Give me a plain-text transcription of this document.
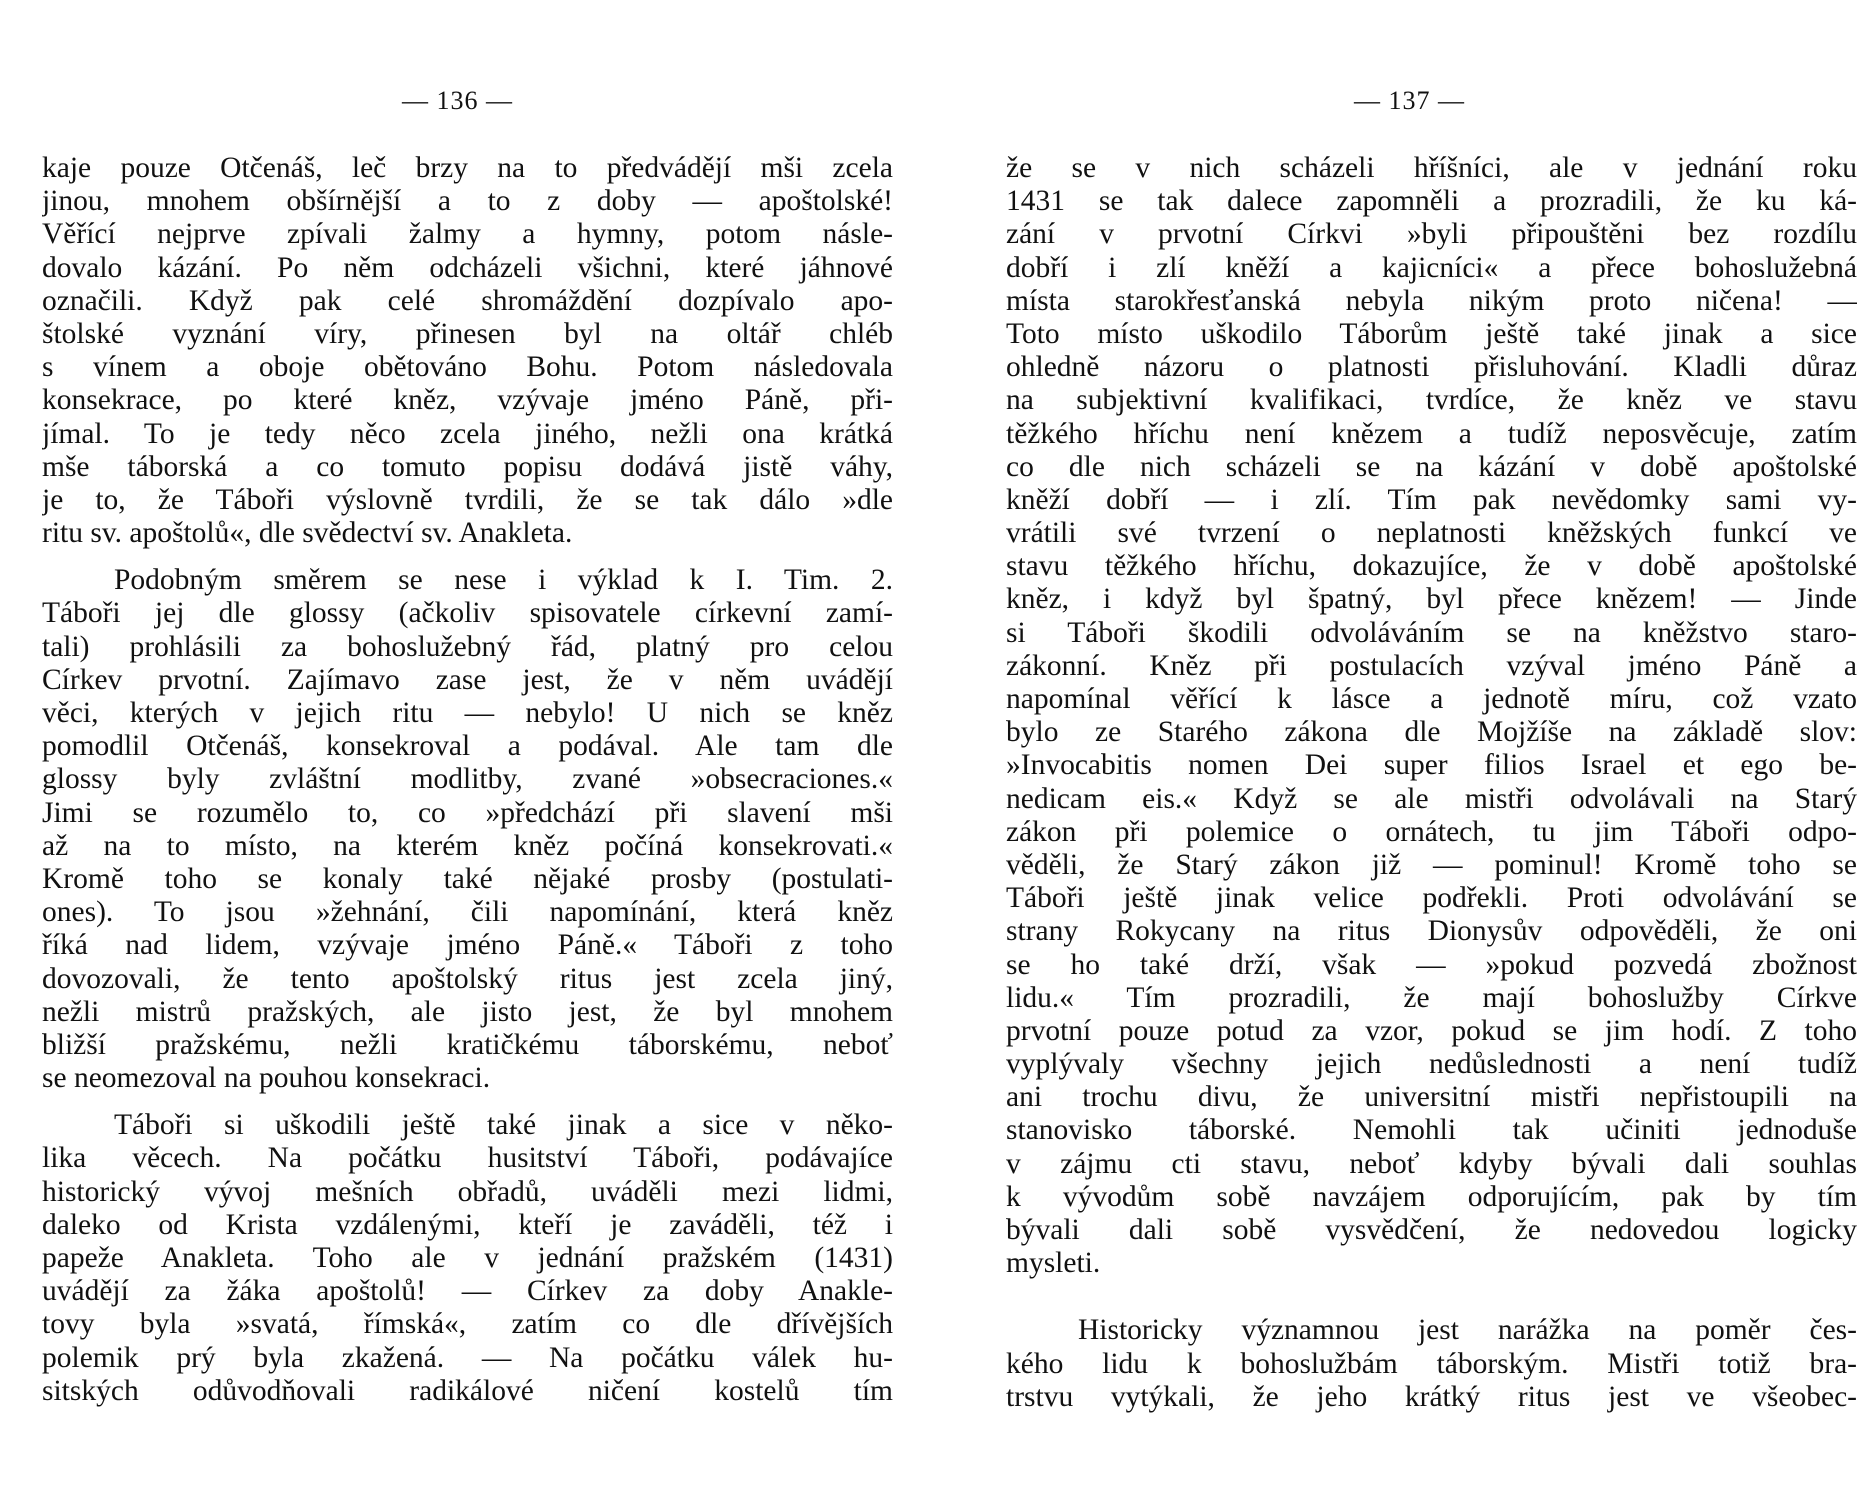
— 136 —
kaje pouze Otčenáš, leč brzy na to předvádějí mši zcela
jinou, mnohem obšírnější a to z doby — apoštolské!
Věřící nejprve zpívali žalmy a hymny, potom násle-
dovalo kázání. Po něm odcházeli všichni, které jáhnové
označili. Když pak celé shromáždění dozpívalo apo-
štolské vyznání víry, přinesen byl na oltář chléb
s vínem a oboje obětováno Bohu. Potom následovala
konsekrace, po které kněz, vzývaje jméno Páně, při-
jímal. To je tedy něco zcela jiného, nežli ona krátká
mše táborská a co tomuto popisu dodává jistě váhy,
je to, že Táboři výslovně tvrdili, že se tak dálo »dle
ritu sv. apoštolů«, dle svědectví sv. Anakleta.
Podobným směrem se nese i výklad k I. Tim. 2.
Táboři jej dle glossy (ačkoliv spisovatele církevní zamí-
tali) prohlásili za bohoslužebný řád, platný pro celou
Církev prvotní. Zajímavo zase jest, že v něm uvádějí
věci, kterých v jejich ritu — nebylo! U nich se kněz
pomodlil Otčenáš, konsekroval a podával. Ale tam dle
glossy byly zvláštní modlitby, zvané »obsecraciones.«
Jimi se rozumělo to, co »předchází při slavení mši
až na to místo, na kterém kněz počíná konsekrovati.«
Kromě toho se konaly také nějaké prosby (postulati-
ones). To jsou »žehnání, čili napomínání, která kněz
říká nad lidem, vzývaje jméno Páně.« Táboři z toho
dovozovali, že tento apoštolský ritus jest zcela jiný,
nežli mistrů pražských, ale jisto jest, že byl mnohem
bližší pražskému, nežli kratičkému táborskému, neboť
se neomezoval na pouhou konsekraci.
Táboři si uškodili ještě také jinak a sice v něko-
lika věcech. Na počátku husitství Táboři, podávajíce
historický vývoj mešních obřadů, uváděli mezi lidmi,
daleko od Krista vzdálenými, kteří je zaváděli, též i
papeže Anakleta. Toho ale v jednání pražském (1431)
uvádějí za žáka apoštolů! — Církev za doby Anakle-
tovy byla »svatá, římská«, zatím co dle dřívějších
polemik prý byla zkažená. — Na počátku válek hu-
sitských odůvodňovali radikálové ničení kostelů tím
— 137 —
že se v nich scházeli hříšníci, ale v jednání roku
1431 se tak dalece zapomněli a prozradili, že ku ká-
zání v prvotní Církvi »byli připouštěni bez rozdílu
dobří i zlí kněží a kajicníci« a přece bohoslužebná
místa starokřesťanská nebyla nikým proto ničena! —
Toto místo uškodilo Táborům ještě také jinak a sice
ohledně názoru o platnosti přisluhování. Kladli důraz
na subjektivní kvalifikaci, tvrdíce, že kněz ve stavu
těžkého hříchu není knězem a tudíž neposvěcuje, zatím
co dle nich scházeli se na kázání v době apoštolské
kněží dobří — i zlí. Tím pak nevědomky sami vy-
vrátili své tvrzení o neplatnosti kněžských funkcí ve
stavu těžkého hříchu, dokazujíce, že v době apoštolské
kněz, i když byl špatný, byl přece knězem! — Jinde
si Táboři škodili odvoláváním se na kněžstvo staro-
zákonní. Kněz při postulacích vzýval jméno Páně a
napomínal věřící k lásce a jednotě míru, což vzato
bylo ze Starého zákona dle Mojžíše na základě slov:
»Invocabitis nomen Dei super filios Israel et ego be-
nedicam eis.« Když se ale mistři odvolávali na Starý
zákon při polemice o ornátech, tu jim Táboři odpo-
věděli, že Starý zákon již — pominul! Kromě toho se
Táboři ještě jinak velice podřekli. Proti odvolávání se
strany Rokycany na ritus Dionysův odpověděli, že oni
se ho také drží, však — »pokud pozvedá zbožnost
lidu.« Tím prozradili, že mají bohoslužby Církve
prvotní pouze potud za vzor, pokud se jim hodí. Z toho
vyplývaly všechny jejich nedůslednosti a není tudíž
ani trochu divu, že universitní mistři nepřistoupili na
stanovisko táborské. Nemohli tak učiniti jednoduše
v zájmu cti stavu, neboť kdyby bývali dali souhlas
k vývodům sobě navzájem odporujícím, pak by tím
bývali dali sobě vysvědčení, že nedovedou logicky
mysleti.
Historicky významnou jest narážka na poměr čes-
kého lidu k bohoslužbám táborským. Mistři totiž bra-
trstvu vytýkali, že jeho krátký ritus jest ve všeobec-
